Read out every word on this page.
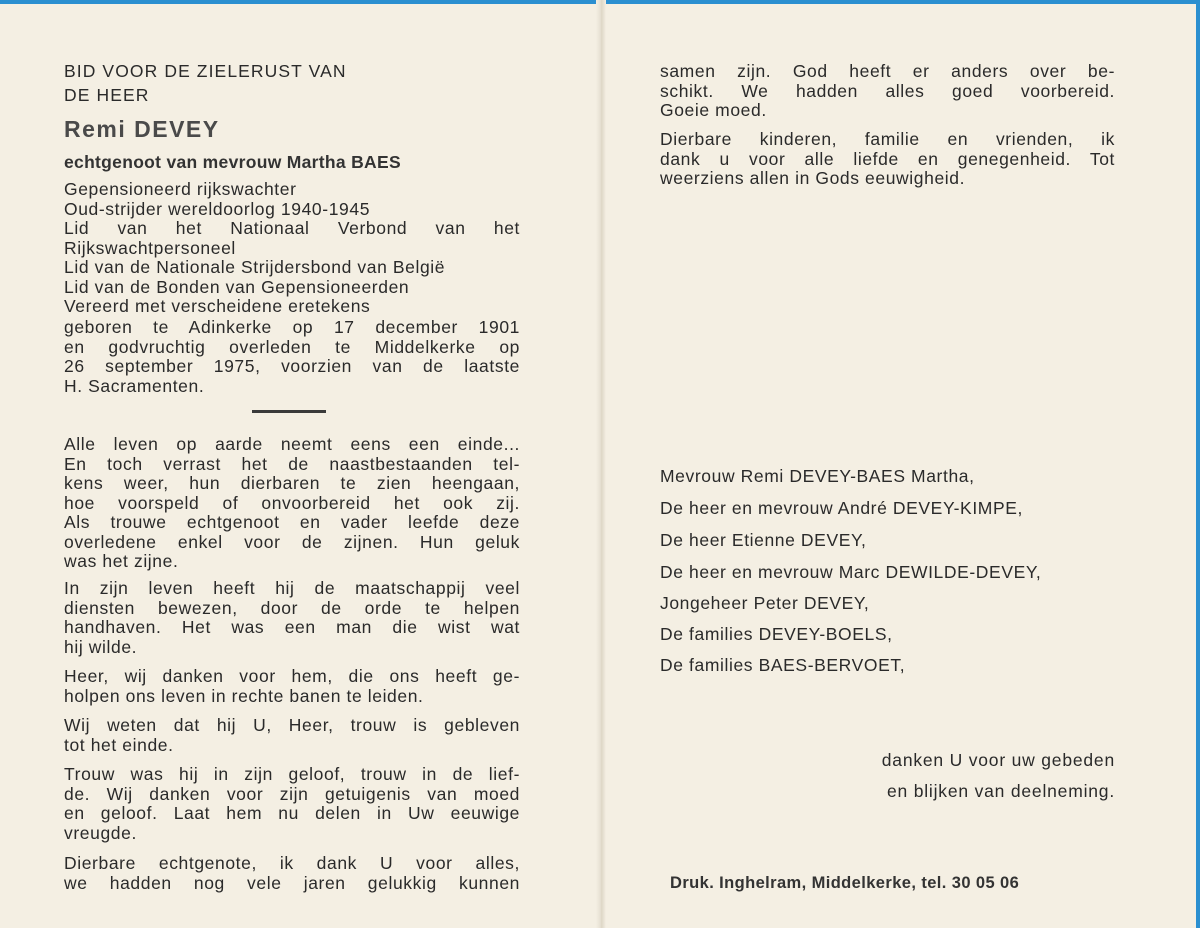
BID VOOR DE ZIELERUST VAN
DE HEER
Remi DEVEY
echtgenoot van mevrouw Martha BAES
Gepensioneerd rijkswachter
Oud-strijder wereldoorlog 1940-1945
Lid van het Nationaal Verbond van het
Rijkswachtpersoneel
Lid van de Nationale Strijdersbond van België
Lid van de Bonden van Gepensioneerden
Vereerd met verscheidene eretekens
geboren te Adinkerke op 17 december 1901
en godvruchtig overleden te Middelkerke op
26 september 1975, voorzien van de laatste
H. Sacramenten.
Alle leven op aarde neemt eens een einde...
En toch verrast het de naastbestaanden tel-
kens weer, hun dierbaren te zien heengaan,
hoe voorspeld of onvoorbereid het ook zij.
Als trouwe echtgenoot en vader leefde deze
overledene enkel voor de zijnen. Hun geluk
was het zijne.
In zijn leven heeft hij de maatschappij veel
diensten bewezen, door de orde te helpen
handhaven. Het was een man die wist wat
hij wilde.
Heer, wij danken voor hem, die ons heeft ge-
holpen ons leven in rechte banen te leiden.
Wij weten dat hij U, Heer, trouw is gebleven
tot het einde.
Trouw was hij in zijn geloof, trouw in de lief-
de. Wij danken voor zijn getuigenis van moed
en geloof. Laat hem nu delen in Uw eeuwige
vreugde.
Dierbare echtgenote, ik dank U voor alles,
we hadden nog vele jaren gelukkig kunnen
samen zijn. God heeft er anders over be-
schikt. We hadden alles goed voorbereid.
Goeie moed.
Dierbare kinderen, familie en vrienden, ik
dank u voor alle liefde en genegenheid. Tot
weerziens allen in Gods eeuwigheid.
Mevrouw Remi DEVEY-BAES Martha,
De heer en mevrouw André DEVEY-KIMPE,
De heer Etienne DEVEY,
De heer en mevrouw Marc DEWILDE-DEVEY,
Jongeheer Peter DEVEY,
De families DEVEY-BOELS,
De families BAES-BERVOET,
danken U voor uw gebeden
en blijken van deelneming.
Druk. Inghelram, Middelkerke, tel. 30 05 06
